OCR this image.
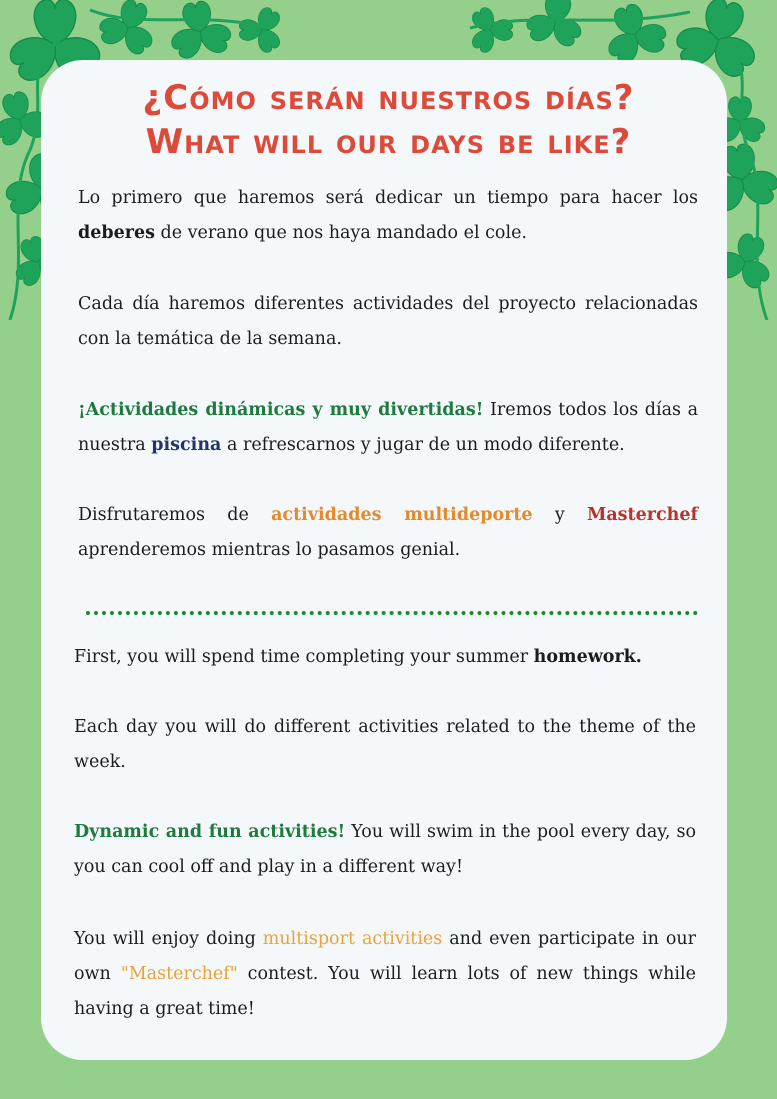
¿Cómo serán nuestros días?
What will our days be like?
Lo primero que haremos será dedicar un tiempo para hacer los deberes de verano que nos haya mandado el cole.
Cada día haremos diferentes actividades del proyecto relacionadas con la temática de la semana.
¡Actividades dinámicas y muy divertidas! Iremos todos los días a nuestra piscina a refrescarnos y jugar de un modo diferente.
Disfrutaremos de actividades multideporte y Masterchef aprenderemos mientras lo pasamos genial.
First, you will spend time completing your summer homework.
Each day you will do different activities related to the theme of the week.
Dynamic and fun activities! You will swim in the pool every day, so you can cool off and play in a different way!
You will enjoy doing multisport activities and even participate in our own "Masterchef" contest. You will learn lots of new things while having a great time!
